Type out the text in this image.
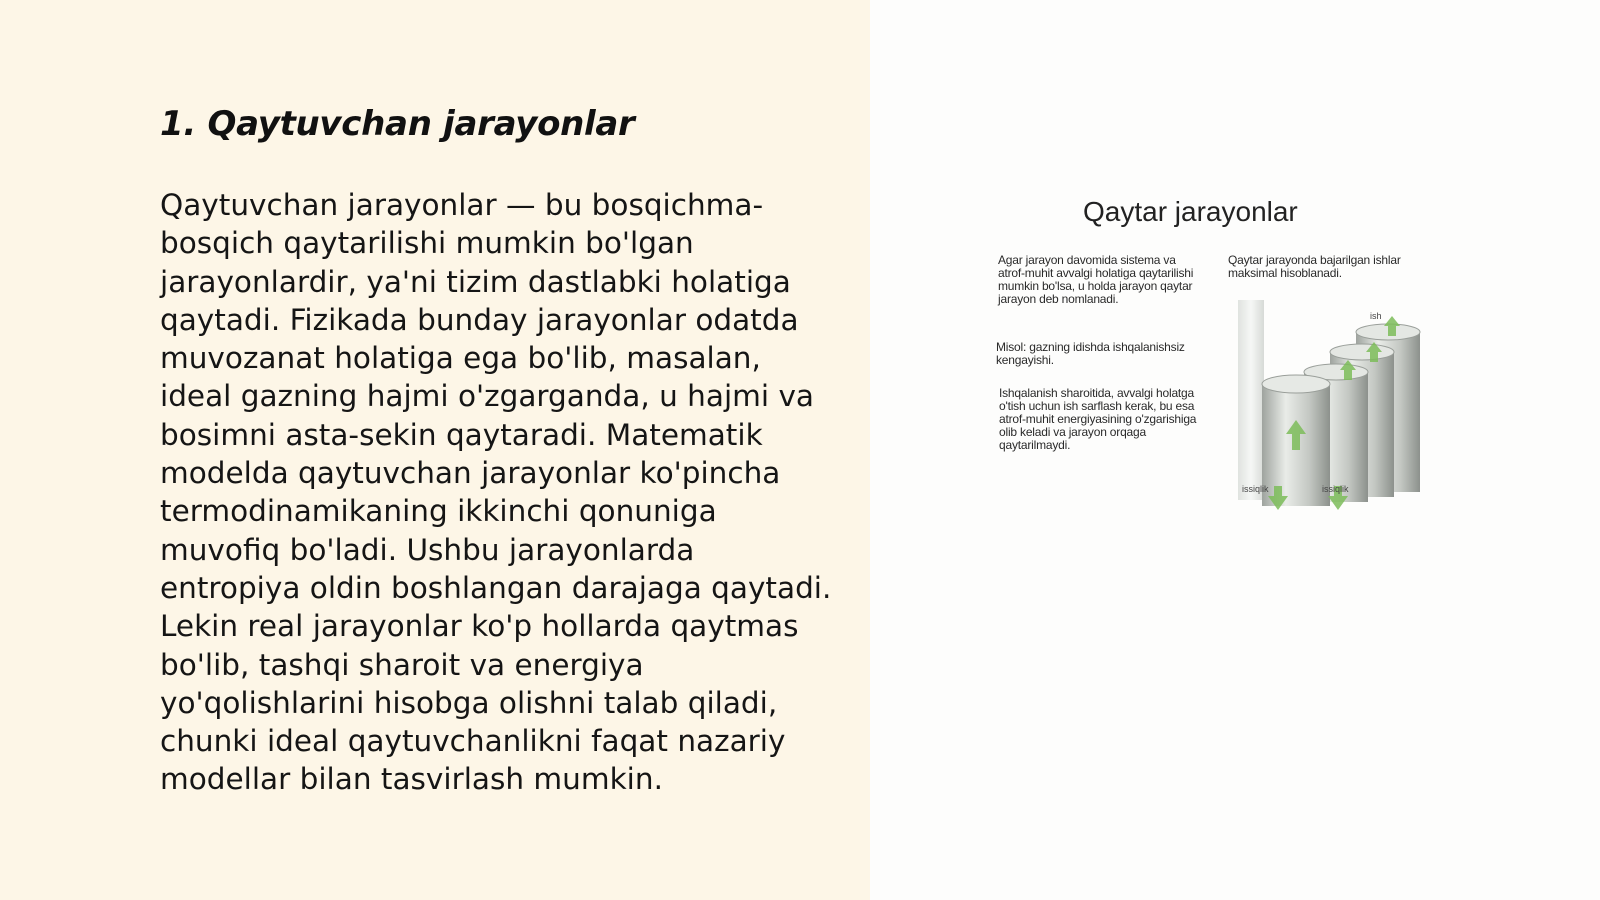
1. Qaytuvchan jarayonlar

Qaytuvchan jarayonlar — bu bosqichma-bosqich qaytarilishi mumkin bo'lgan jarayonlardir, ya'ni tizim dastlabki holatiga qaytadi. Fizikada bunday jarayonlar odatda muvozanat holatiga ega bo'lib, masalan, ideal gazning hajmi o'zgarganda, u hajmi va bosimni asta-sekin qaytaradi. Matematik modelda qaytuvchan jarayonlar ko'pincha termodinamikaning ikkinchi qonuniga muvofiq bo'ladi. Ushbu jarayonlarda entropiya oldin boshlangan darajaga qaytadi. Lekin real jarayonlar ko'p hollarda qaytmas bo'lib, tashqi sharoit va energiya yo'qolishlarini hisobga olishni talab qiladi, chunki ideal qaytuvchanlikni faqat nazariy modellar bilan tasvirlash mumkin.

Qaytar jarayonlar

Agar jarayon davomida sistema va atrof-muhit avvalgi holatiga qaytarilishi mumkin bo'lsa, u holda jarayon qaytar jarayon deb nomlanadi.

Misol: gazning idishda ishqalanishsiz kengayishi.

Ishqalanish sharoitida, avvalgi holatga o'tish uchun ish sarflash kerak, bu esa atrof-muhit energiyasining o'zgarishiga olib keladi va jarayon orqaga qaytarilmaydi.

Qaytar jarayonda bajarilgan ishlar maksimal hisoblanadi.

ish

issiqlik	issiqlik
